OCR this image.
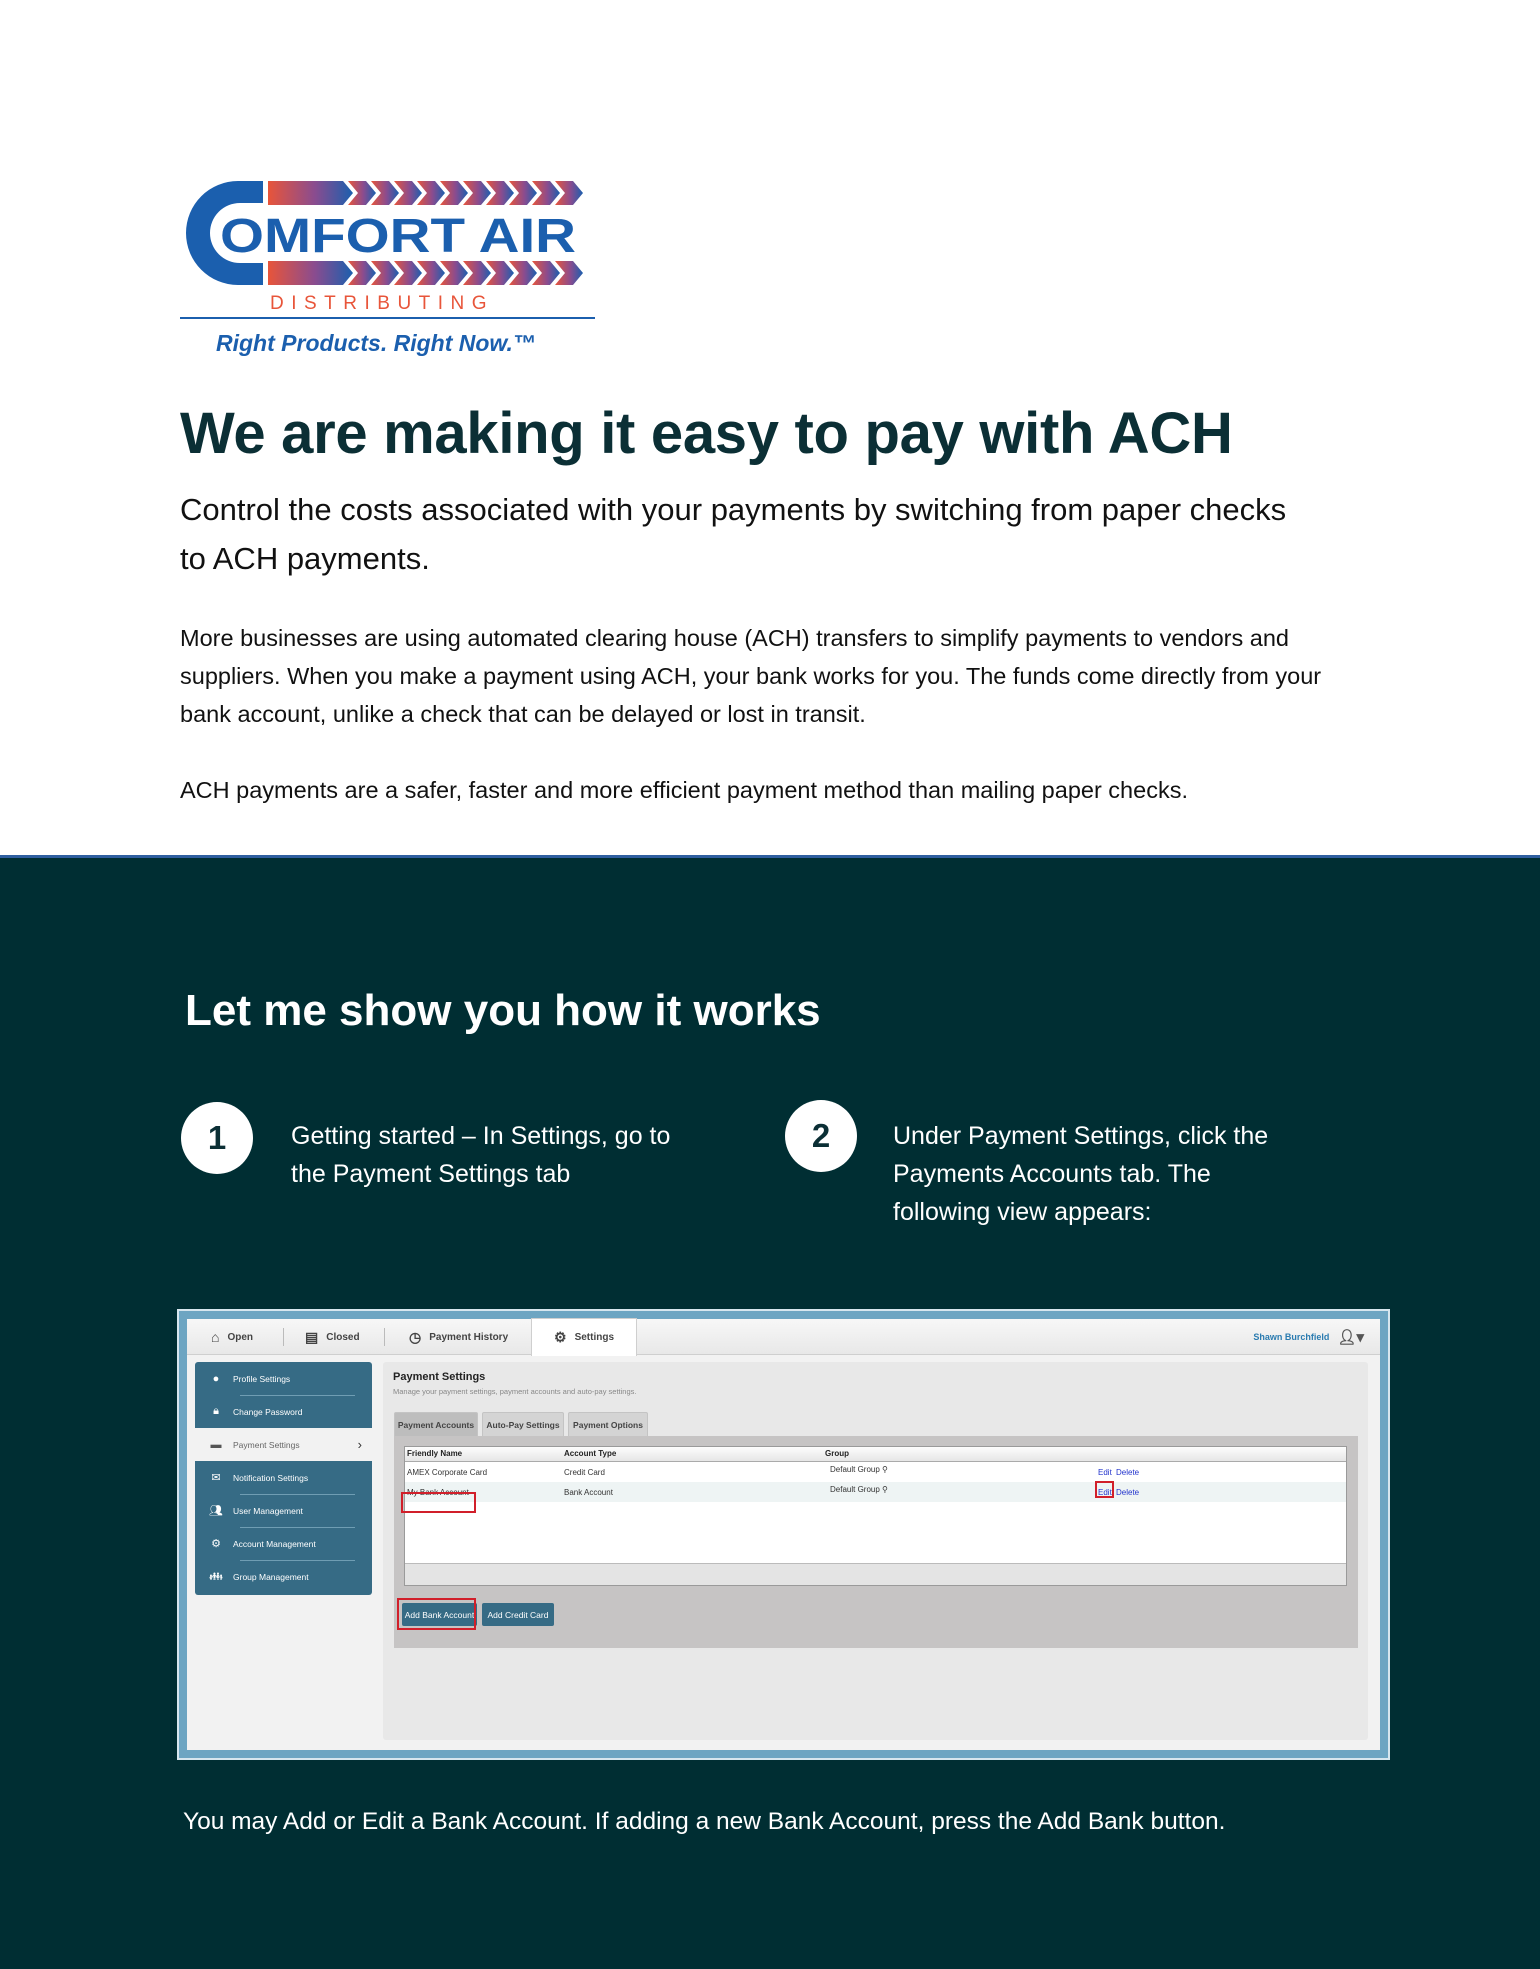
OMFORT AIR
DISTRIBUTING
Right Products. Right Now.™
We are making it easy to pay with ACH

Control the costs associated with your payments by switching from paper checks to ACH payments.

More businesses are using automated clearing house (ACH) transfers to simplify payments to vendors and suppliers. When you make a payment using ACH, your bank works for you. The funds come directly from your bank account, unlike a check that can be delayed or lost in transit.

ACH payments are a safer, faster and more efficient payment method than mailing paper checks.

Let me show you how it works
1	Getting started – In Settings, go to the Payment Settings tab

2	Under Payment Settings, click the Payments Accounts tab. The following view appears:

⌂ Open	▤ Closed	◷ Payment History	⚙ Settings	Shawn Burchfield 👤︎▾
●	Profile Settings
🔒︎	Change Password
▬ Payment Settings	›
✉ Notification Settings
👥︎ User Management
⚙ Account Management
👪︎ Group Management
Payment Settings
Manage your payment settings, payment accounts and auto-pay settings.
Payment Accounts	Auto-Pay Settings	Payment Options
Friendly Name	Account Type	Group
AMEX Corporate Card	Credit Card	Default Group ⚲	Edit Delete
My Bank Account	Bank Account	Default Group ⚲	Edit Delete
Add Bank Account	Add Credit Card

You may Add or Edit a Bank Account. If adding a new Bank Account, press the Add Bank button.
